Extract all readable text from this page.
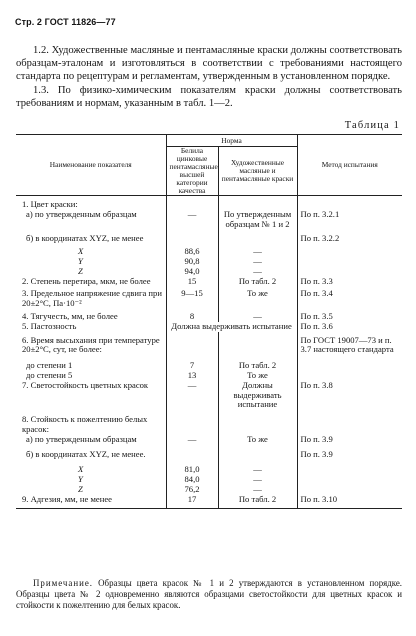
Стр. 2 ГОСТ 11826—77

1.2. Художественные масляные и пентамасляные краски должны соответствовать образцам-эталонам и изготовляться в соответствии с требованиями настоящего стандарта по рецептурам и регламентам, утвержденным в установленном порядке.

1.3. По физико-химическим показателям краски должны соответствовать требованиям и нормам, указанным в табл. 1—2.

Таблица 1
Наименование показателя	Норма		Метод испытания
	Белила цинковые пентамасляные высшей категории качества	Художественные масляные и пентамасляные краски	
1. Цвет краски:			
а) по утвержденным образцам	—	По утвержденным образцам № 1 и 2	По п. 3.2.1
б) в координатах XYZ, не менее			По п. 3.2.2
X	88,6	—	
Y	90,8	—	
Z	94,0	—	
2. Степень перетира, мкм, не более	15	По табл. 2	По п. 3.3
3. Предельное напряжение сдвига при 20±2°С, Па·10⁻²	9—15	То же	По п. 3.4
4. Тягучесть, мм, не более	8	—	По п. 3.5
5. Пастозность	Должна выдерживать испытание		По п. 3.6
6. Время высыхания при температуре 20±2°С, сут, не более:			По ГОСТ 19007—73 и п. 3.7 настоящего стандарта
до степени 1	7	По табл. 2	
до степени 5	13	То же	
7. Светостойкость цветных красок	—	Должны выдерживать испытание	По п. 3.8
8. Стойкость к пожелтению белых красок:			
а) по утвержденным образцам	—	То же	По п. 3.9
б) в координатах XYZ, не менее.			По п. 3.9
X	81,0	—	
Y	84,0	—	
Z	76,2	—	
9. Адгезия, мм, не менее	17	По табл. 2	По п. 3.10

Примечание. Образцы цвета красок № 1 и 2 утверждаются в установленном порядке. Образцы цвета № 2 одновременно являются образцами светостойкости для цветных красок и стойкости к пожелтению для белых красок.
